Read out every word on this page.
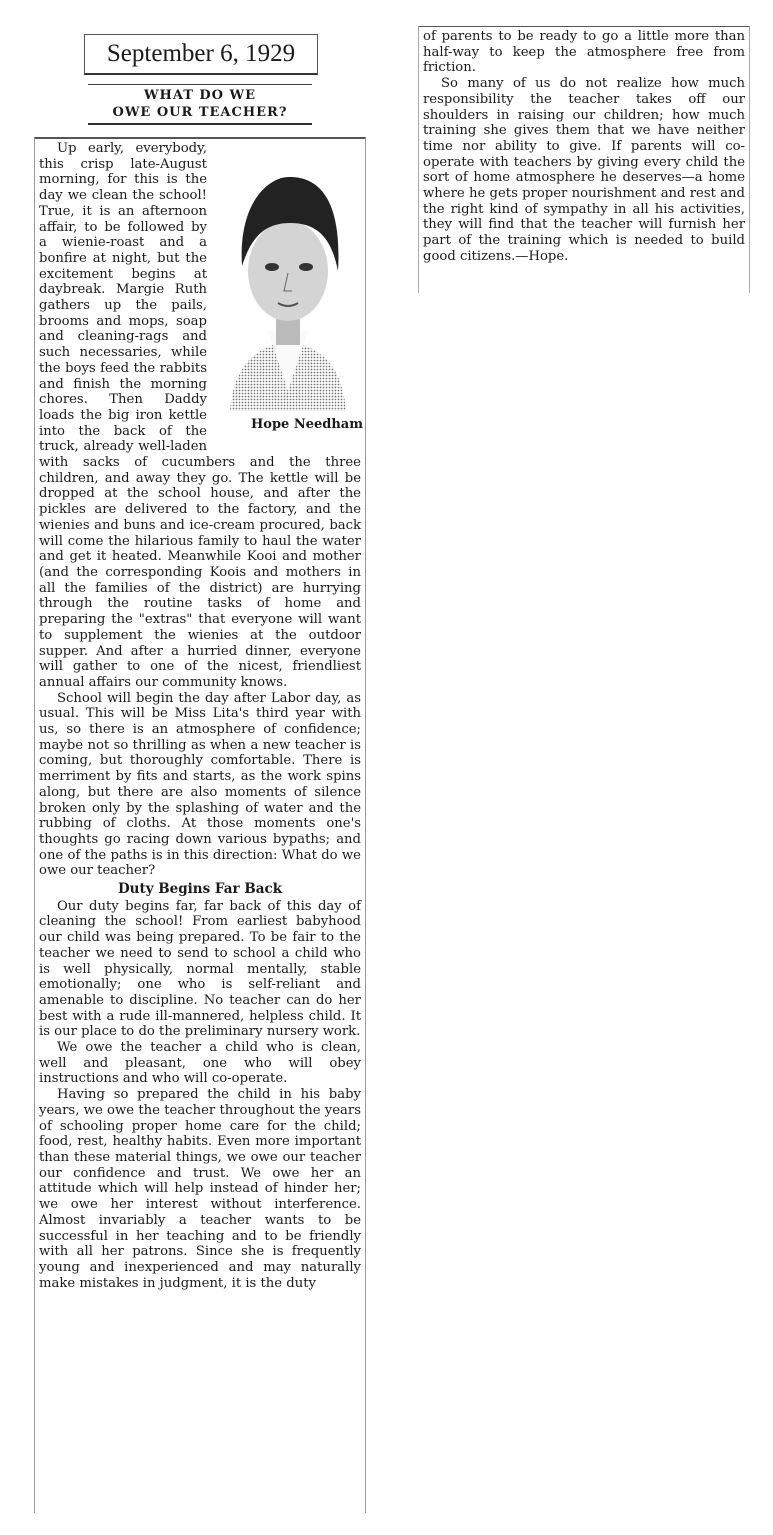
September 6, 1929
WHAT DO WE
OWE OUR TEACHER?
Hope Needham

Up early, everybody, this crisp late-August morning, for this is the day we clean the school! True, it is an afternoon affair, to be followed by a wienie-roast and a bonfire at night, but the excitement begins at daybreak. Margie Ruth gathers up the pails, brooms and mops, soap and cleaning-rags and such necessaries, while the boys feed the rabbits and finish the morning chores. Then Daddy loads the big iron kettle into the back of the truck, already well-laden with sacks of cucumbers and the three children, and away they go. The kettle will be dropped at the school house, and after the pickles are delivered to the factory, and the wienies and buns and ice-cream procured, back will come the hilarious family to haul the water and get it heated. Meanwhile Kooi and mother (and the corresponding Koois and mothers in all the families of the district) are hurrying through the routine tasks of home and preparing the "extras" that everyone will want to supplement the wienies at the outdoor supper. And after a hurried dinner, everyone will gather to one of the nicest, friendliest annual affairs our community knows.

School will begin the day after Labor day, as usual. This will be Miss Lita's third year with us, so there is an atmosphere of confidence; maybe not so thrilling as when a new teacher is coming, but thoroughly comfortable. There is merriment by fits and starts, as the work spins along, but there are also moments of silence broken only by the splashing of water and the rubbing of cloths. At those moments one's thoughts go racing down various bypaths; and one of the paths is in this direction: What do we owe our teacher?

Duty Begins Far Back

Our duty begins far, far back of this day of cleaning the school! From earliest babyhood our child was being prepared. To be fair to the teacher we need to send to school a child who is well physically, normal mentally, stable emotionally; one who is self-reliant and amenable to discipline. No teacher can do her best with a rude ill-mannered, helpless child. It is our place to do the preliminary nursery work.

We owe the teacher a child who is clean, well and pleasant, one who will obey instructions and who will co-operate.

Having so prepared the child in his baby years, we owe the teacher throughout the years of schooling proper home care for the child; food, rest, healthy habits. Even more important than these material things, we owe our teacher our confidence and trust. We owe her an attitude which will help instead of hinder her; we owe her interest without interference. Almost invariably a teacher wants to be successful in her teaching and to be friendly with all her patrons. Since she is frequently young and inexperienced and may naturally make mistakes in judgment, it is the duty

of parents to be ready to go a little more than half-way to keep the atmosphere free from friction.

So many of us do not realize how much responsibility the teacher takes off our shoulders in raising our children; how much training she gives them that we have neither time nor ability to give. If parents will co-operate with teachers by giving every child the sort of home atmosphere he deserves—a home where he gets proper nourishment and rest and the right kind of sympathy in all his activities, they will find that the teacher will furnish her part of the training which is needed to build good citizens.—Hope.
